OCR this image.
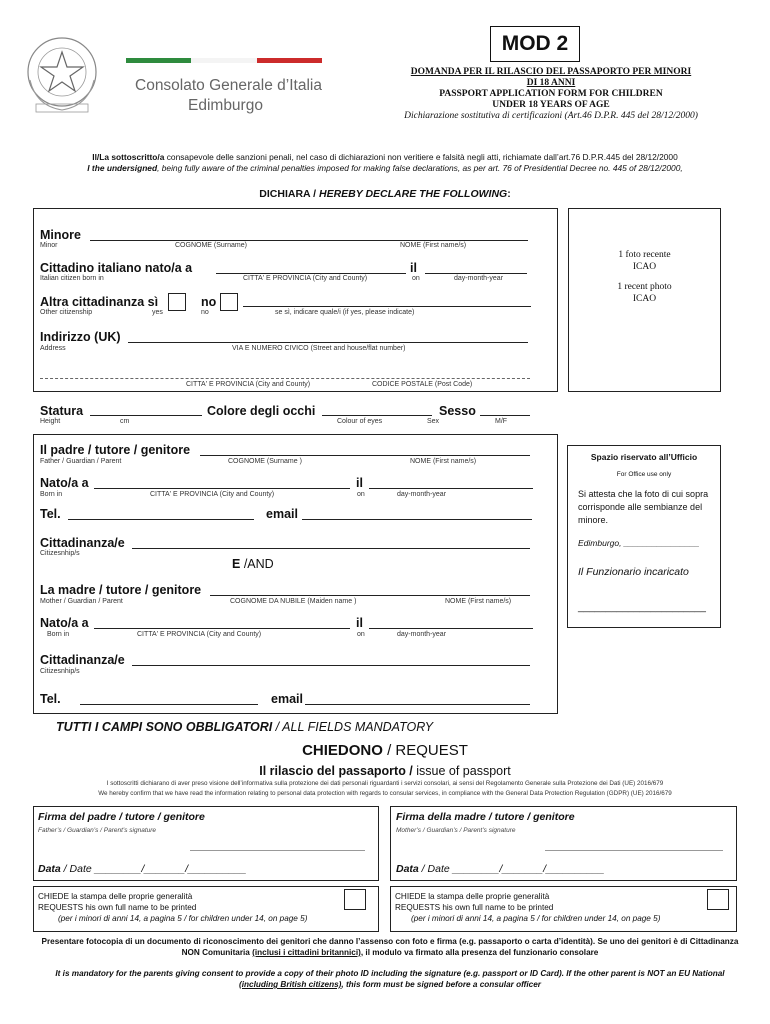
Consolato Generale d’Italia
Edimburgo
MOD 2
DOMANDA PER IL RILASCIO DEL PASSAPORTO PER MINORI DI 18 ANNI
PASSPORT APPLICATION FORM FOR CHILDREN UNDER 18 YEARS OF AGE
Dichiarazione sostitutiva di certificazioni (Art.46 D.P.R. 445 del 28/12/2000)
Il/La sottoscritto/a consapevole delle sanzioni penali, nel caso di dichiarazioni non veritiere e falsità negli atti, richiamate dall’art.76 D.P.R.445 del 28/12/2000
I the undersigned, being fully aware of the criminal penalties imposed for making false declarations, as per art. 76 of Presidential Decree no. 445 of 28/12/2000,
DICHIARA / HEREBY DECLARE THE FOLLOWING:
Minore
Minor	COGNOME (Surname)	NOME (First name/s)
Cittadino italiano nato/a a	il
Italian citizen born in	CITTA' E PROVINCIA (City and County)	on	day-month-year
Altra cittadinanza sì	no
Other citizenship	yes	no	se sì, indicare quale/i (if yes, please indicate)
Indirizzo (UK)
Address	VIA E NUMERO CIVICO (Street and house/flat number)
CITTA' E PROVINCIA (City and County)	CODICE POSTALE (Post Code)
1 foto recente
ICAO
1 recent photo
ICAO
Statura	Colore degli occhi	Sesso
Height	cm	Colour of eyes	Sex	M/F
Il padre / tutore / genitore
Father / Guardian / Parent	COGNOME (Surname )	NOME (First name/s)
Nato/a a	il
Born in	CITTA' E PROVINCIA (City and County)	on	day-month-year
Tel.	email
Cittadinanza/e
Citizesnhip/s
E /AND
La madre / tutore / genitore
Mother / Guardian / Parent	COGNOME DA NUBILE (Maiden name )	NOME (First name/s)
Nato/a a	il
Born in	CITTA' E PROVINCIA (City and County)	on	day-month-year
Cittadinanza/e
Citizesnhip/s
Tel.	email
Spazio riservato all’Ufficio
For Office use only
Si attesta che la foto di cui sopra corrisponde alle sembianze del minore.
Edimburgo, ________________
Il Funzionario incaricato
_______________________
TUTTI I CAMPI SONO OBBLIGATORI / ALL FIELDS MANDATORY
CHIEDONO / REQUEST
Il rilascio del passaporto / issue of passport
I sottoscritti dichiarano di aver preso visione dell’informativa sulla protezione dei dati personali riguardanti i servizi consolari, ai sensi del Regolamento Generale sulla Protezione dei Dati (UE) 2016/679
We hereby confirm that we have read the information relating to personal data protection with regards to consular services, in compliance with the General Data Protection Regulation (GDPR) (UE) 2016/679
Firma del padre / tutore / genitore
Father’s / Guardian’s / Parent’s signature
Data / Date ________/_______/__________
Firma della madre / tutore / genitore
Mother’s / Guardian’s / Parent’s signature
Data / Date ________/_______/__________
CHIEDE la stampa delle proprie generalità
REQUESTS his own full name to be printed
(per i minori di anni 14, a pagina 5 / for children under 14, on page 5)
CHIEDE la stampa delle proprie generalità
REQUESTS his own full name to be printed
(per i minori di anni 14, a pagina 5 / for children under 14, on page 5)
Presentare fotocopia di un documento di riconoscimento dei genitori che danno l’assenso con foto e firma (e.g. passaporto o carta d’identità). Se uno dei genitori è di Cittadinanza NON Comunitaria (inclusi i cittadini britannici), il modulo va firmato alla presenza del funzionario consolare
It is mandatory for the parents giving consent to provide a copy of their photo ID including the signature (e.g. passport or ID Card). If the other parent is NOT an EU National (including British citizens), this form must be signed before a consular officer
